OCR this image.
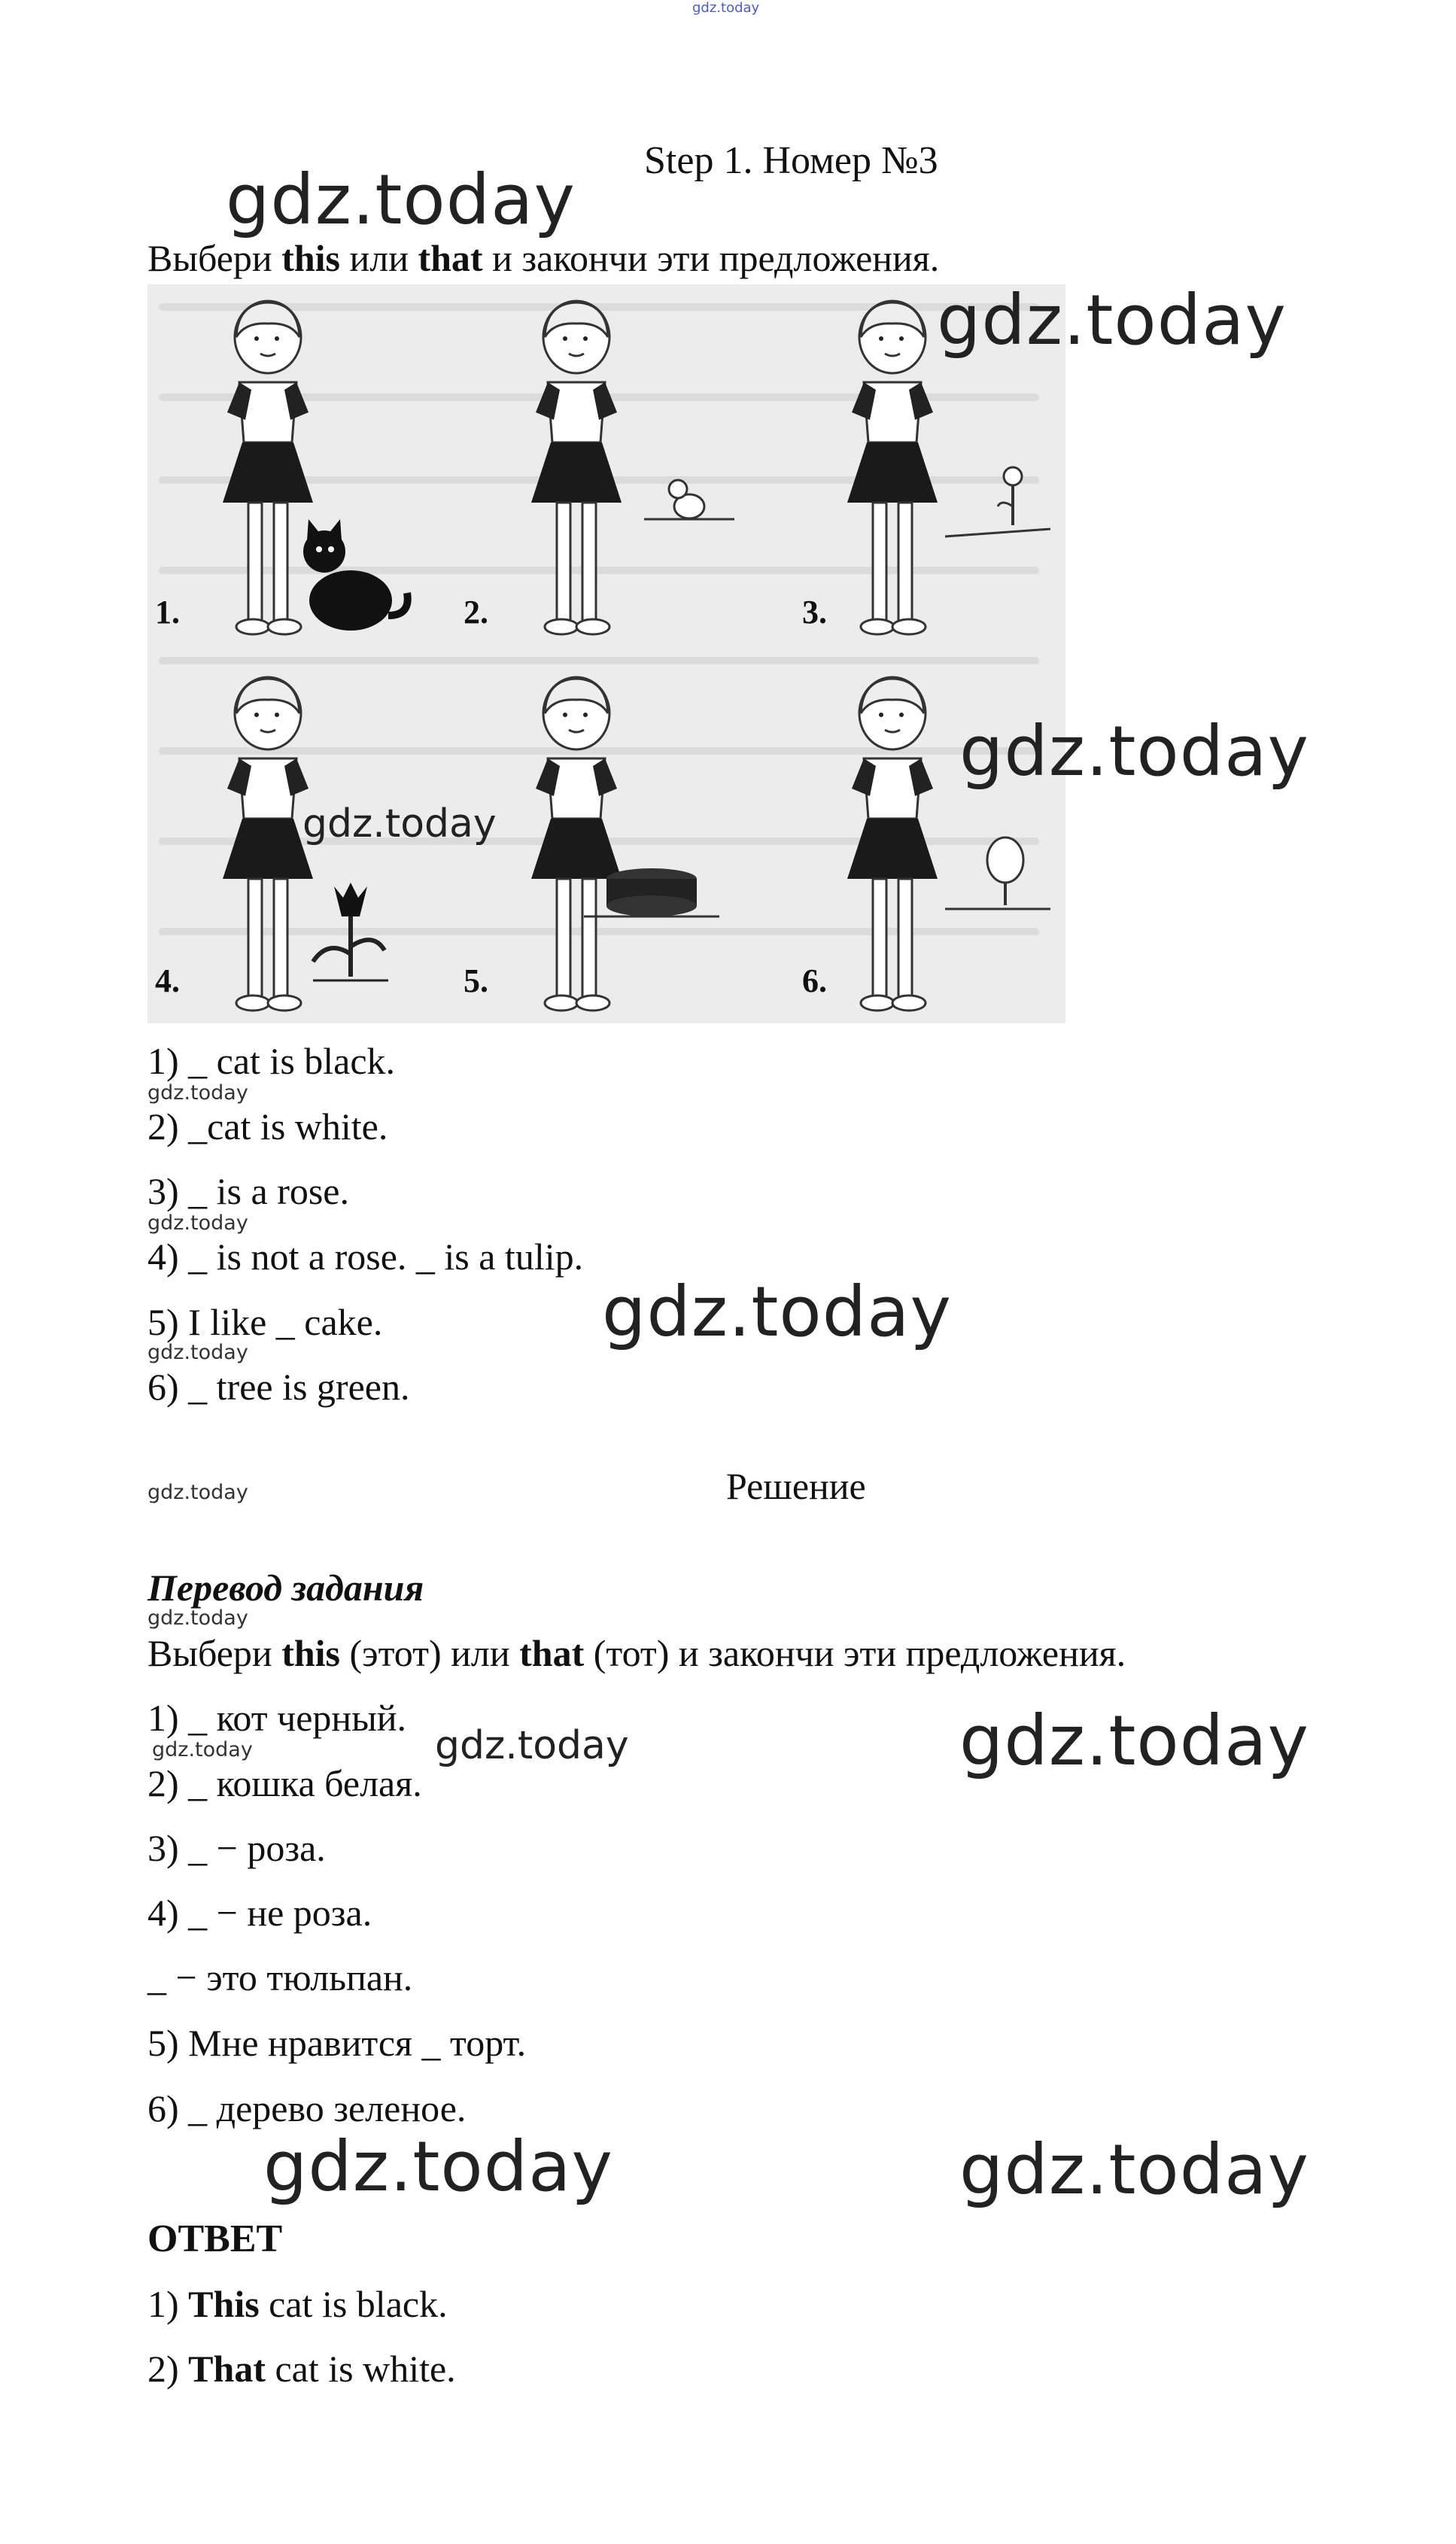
gdz.today
Step 1. Номер №3
Выбери this или that и закончи эти предложения.
1.	2.	3.
4.	5.	6.
1) _ cat is black.
2) _cat is white.
3) _ is a rose.
4) _ is not a rose. _ is a tulip.
5) I like _ cake.
6) _ tree is green.
Решение
Перевод задания
Выбери this (этот) или that (тот) и закончи эти предложения.
1) _ кот черный.
2) _ кошка белая.
3) _ − роза.
4) _ − не роза.
_ − это тюльпан.
5) Мне нравится _ торт.
6) _ дерево зеленое.
ОТВЕТ
1) This cat is black.
2) That cat is white.
gdz.today
gdz.today
gdz.today
gdz.today
gdz.today
gdz.today
gdz.today
gdz.today
gdz.today
gdz.today
gdz.today	gdz.today	gdz.today
gdz.today	gdz.today
